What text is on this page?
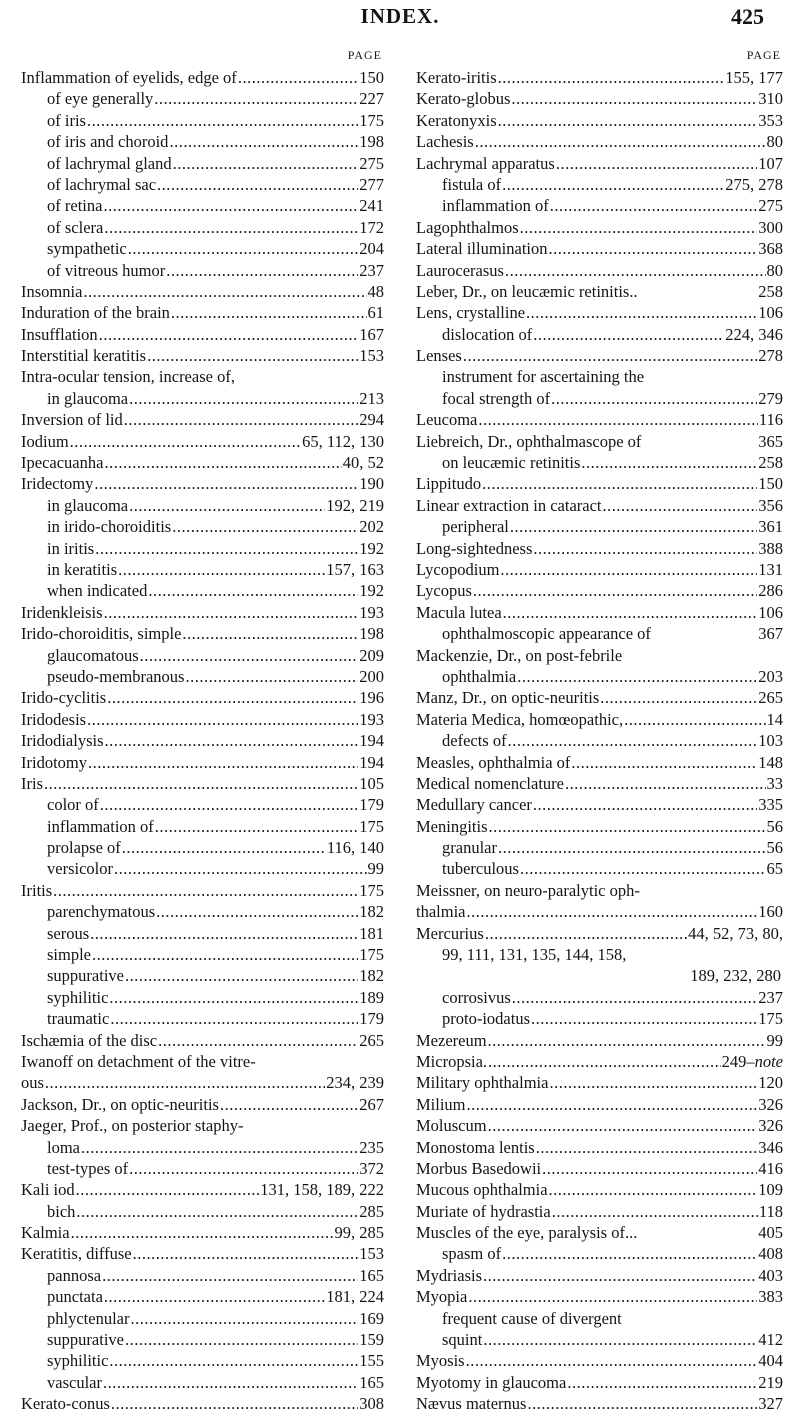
INDEX.	425
PAGE
Inflammation of eyelids, edge of .....	150
of eye generally .....	227
of iris .....	175
of iris and choroid .....	198
of lachrymal gland .....	275
of lachrymal sac .....	277
of retina .....	241
of sclera .....	172
sympathetic .....	204
of vitreous humor .....	237
Insomnia .....	48
Induration of the brain .....	61
Insufflation .....	167
Interstitial keratitis .....	153
Intra-ocular tension, increase of,
in glaucoma .....	213
Inversion of lid .....	294
Iodium .....	65, 112, 130
Ipecacuanha .....	40, 52
Iridectomy .....	190
in glaucoma .....	192, 219
in irido-choroiditis .....	202
in iritis .....	192
in keratitis .....	157, 163
when indicated .....	192
Iridenkleisis .....	193
Irido-choroiditis, simple .....	198
glaucomatous .....	209
pseudo-membranous .....	200
Irido-cyclitis .....	196
Iridodesis .....	193
Iridodialysis .....	194
Iridotomy .....	194
Iris .....	105
color of .....	179
inflammation of .....	175
prolapse of .....	116, 140
versicolor .....	99
Iritis .....	175
parenchymatous .....	182
serous .....	181
simple .....	175
suppurative .....	182
syphilitic .....	189
traumatic .....	179
Ischæmia of the disc .....	265
Iwanoff on detachment of the vitre-
ous .....	234, 239
Jackson, Dr., on optic-neuritis .....	267
Jaeger, Prof., on posterior staphy-
loma .....	235
test-types of .....	372
Kali iod .....	131, 158, 189, 222
bich .....	285
Kalmia .....	99, 285
Keratitis, diffuse .....	153
pannosa .....	165
punctata .....	181, 224
phlyctenular .....	169
suppurative .....	159
syphilitic .....	155
vascular .....	165
Kerato-conus .....	308
PAGE
Kerato-iritis .....	155, 177
Kerato-globus .....	310
Keratonyxis .....	353
Lachesis .....	80
Lachrymal apparatus .....	107
fistula of .....	275, 278
inflammation of .....	275
Lagophthalmos .....	300
Lateral illumination .....	368
Laurocerasus .....	80
Leber, Dr., on leucæmic retinitis..	258
Lens, crystalline .....	106
dislocation of .....	224, 346
Lenses .....	278
instrument for ascertaining the
focal strength of .....	279
Leucoma .....	116
Liebreich, Dr., ophthalmascope of	365
on leucæmic retinitis .....	258
Lippitudo .....	150
Linear extraction in cataract .....	356
peripheral .....	361
Long-sightedness .....	388
Lycopodium .....	131
Lycopus .....	286
Macula lutea .....	106
ophthalmoscopic appearance of	367
Mackenzie, Dr., on post-febrile
ophthalmia .....	203
Manz, Dr., on optic-neuritis .....	265
Materia Medica, homœopathic, .....	14
defects of .....	103
Measles, ophthalmia of .....	148
Medical nomenclature .....	33
Medullary cancer .....	335
Meningitis .....	56
granular .....	56
tuberculous .....	65
Meissner, on neuro-paralytic oph-
thalmia .....	160
Mercurius .....	44, 52, 73, 80,
99, 111, 131, 135, 144, 158,
189, 232, 280
corrosivus .....	237
proto-iodatus .....	175
Mezereum .....	99
Micropsia. .....	249–note
Military ophthalmia .....	120
Milium .....	326
Moluscum .....	326
Monostoma lentis .....	346
Morbus Basedowii .....	416
Mucous ophthalmia .....	109
Muriate of hydrastia .....	118
Muscles of the eye, paralysis of...	405
spasm of .....	408
Mydriasis .....	403
Myopia .....	383
frequent cause of divergent
squint .....	412
Myosis .....	404
Myotomy in glaucoma .....	219
Nævus maternus .....	327
